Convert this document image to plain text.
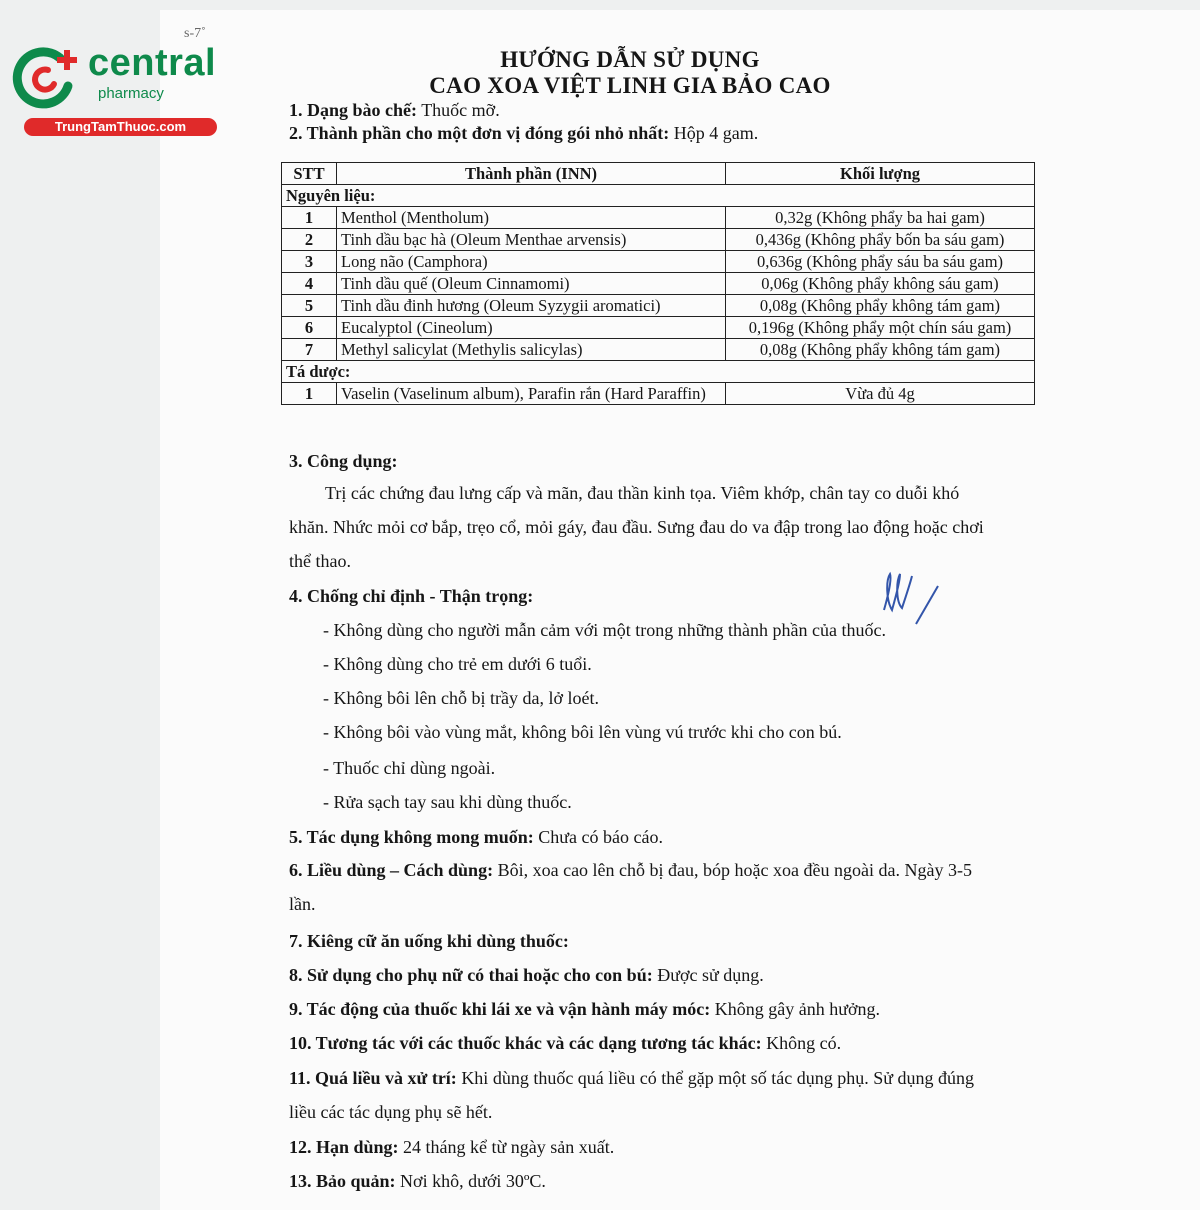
s-7˚
central
pharmacy
TrungTamThuoc.com
HƯỚNG DẪN SỬ DỤNG
CAO XOA VIỆT LINH GIA BẢO CAO

1. Dạng bào chế: Thuốc mỡ.

2. Thành phần cho một đơn vị đóng gói nhỏ nhất: Hộp 4 gam.

STT	Thành phần (INN)	Khối lượng
Nguyên liệu:		
1	Menthol (Mentholum)	0,32g (Không phẩy ba hai gam)
2	Tinh dầu bạc hà (Oleum Menthae arvensis)	0,436g (Không phẩy bốn ba sáu gam)
3	Long não (Camphora)	0,636g (Không phẩy sáu ba sáu gam)
4	Tinh dầu quế (Oleum Cinnamomi)	0,06g (Không phẩy không sáu gam)
5	Tinh dầu đinh hương (Oleum Syzygii aromatici)	0,08g (Không phẩy không tám gam)
6	Eucalyptol (Cineolum)	0,196g (Không phẩy một chín sáu gam)
7	Methyl salicylat (Methylis salicylas)	0,08g (Không phẩy không tám gam)
Tá dược:		
1	Vaselin (Vaselinum album), Parafin rắn (Hard Paraffin)	Vừa đủ 4g

3. Công dụng:

Trị các chứng đau lưng cấp và mãn, đau thần kinh tọa. Viêm khớp, chân tay co duỗi khó khăn. Nhức mỏi cơ bắp, trẹo cổ, mỏi gáy, đau đầu. Sưng đau do va đập trong lao động hoặc chơi thể thao.

4. Chống chỉ định - Thận trọng:

- Không dùng cho người mẫn cảm với một trong những thành phần của thuốc.

- Không dùng cho trẻ em dưới 6 tuổi.

- Không bôi lên chỗ bị trầy da, lở loét.

- Không bôi vào vùng mắt, không bôi lên vùng vú trước khi cho con bú.

- Thuốc chỉ dùng ngoài.

- Rửa sạch tay sau khi dùng thuốc.

5. Tác dụng không mong muốn: Chưa có báo cáo.

6. Liều dùng – Cách dùng: Bôi, xoa cao lên chỗ bị đau, bóp hoặc xoa đều ngoài da. Ngày 3-5 lần.

7. Kiêng cữ ăn uống khi dùng thuốc:

8. Sử dụng cho phụ nữ có thai hoặc cho con bú: Được sử dụng.

9. Tác động của thuốc khi lái xe và vận hành máy móc: Không gây ảnh hưởng.

10. Tương tác với các thuốc khác và các dạng tương tác khác: Không có.

11. Quá liều và xử trí: Khi dùng thuốc quá liều có thể gặp một số tác dụng phụ. Sử dụng đúng liều các tác dụng phụ sẽ hết.

12. Hạn dùng: 24 tháng kể từ ngày sản xuất.

13. Bảo quản: Nơi khô, dưới 30ºC.
